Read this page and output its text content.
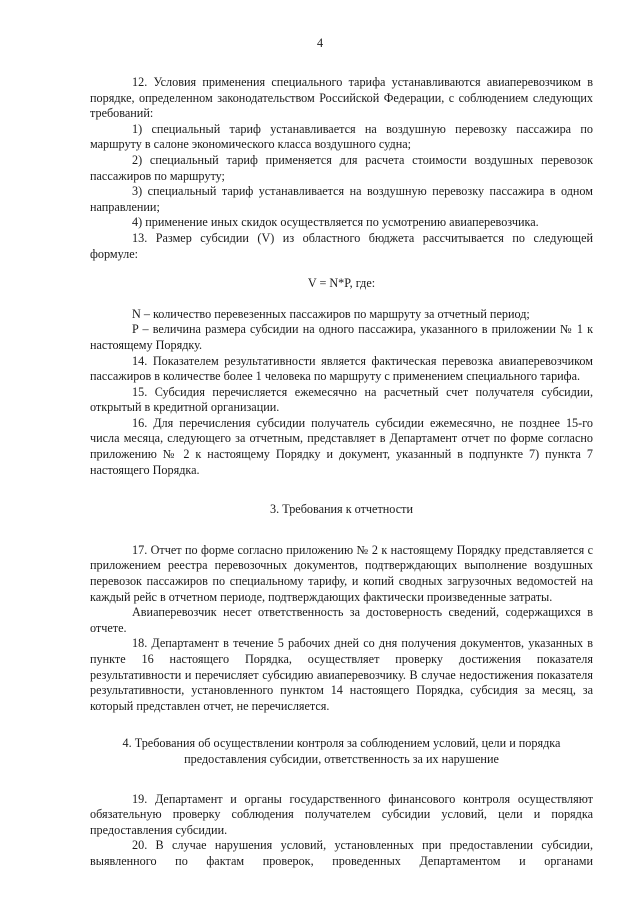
4

12. Условия применения специального тарифа устанавливаются авиаперевозчиком в порядке, определенном законодательством Российской Федерации, с соблюдением следующих требований:

1) специальный тариф устанавливается на воздушную перевозку пассажира по маршруту в салоне экономического класса воздушного судна;

2) специальный тариф применяется для расчета стоимости воздушных перевозок пассажиров по маршруту;

3) специальный тариф устанавливается на воздушную перевозку пассажира в одном направлении;

4) применение иных скидок осуществляется по усмотрению авиаперевозчика.

13. Размер субсидии (V) из областного бюджета рассчитывается по следующей формуле:

V = N*P, где:

N – количество перевезенных пассажиров по маршруту за отчетный период;

P – величина размера субсидии на одного пассажира, указанного в приложении № 1 к настоящему Порядку.

14. Показателем результативности является фактическая перевозка авиаперевозчиком пассажиров в количестве более 1 человека по маршруту с применением специального тарифа.

15. Субсидия перечисляется ежемесячно на расчетный счет получателя субсидии, открытый в кредитной организации.

16. Для перечисления субсидии получатель субсидии ежемесячно, не позднее 15-го числа месяца, следующего за отчетным, представляет в Департамент отчет по форме согласно приложению № 2 к настоящему Порядку и документ, указанный в подпункте 7) пункта 7 настоящего Порядка.

3. Требования к отчетности

17. Отчет по форме согласно приложению № 2 к настоящему Порядку представляется с приложением реестра перевозочных документов, подтверждающих выполнение воздушных перевозок пассажиров по специальному тарифу, и копий сводных загрузочных ведомостей на каждый рейс в отчетном периоде, подтверждающих фактически произведенные затраты.

Авиаперевозчик несет ответственность за достоверность сведений, содержащихся в отчете.

18. Департамент в течение 5 рабочих дней со дня получения документов, указанных в пункте 16 настоящего Порядка, осуществляет проверку достижения показателя результативности и перечисляет субсидию авиаперевозчику. В случае недостижения показателя результативности, установленного пунктом 14 настоящего Порядка, субсидия за месяц, за который представлен отчет, не перечисляется.

4. Требования об осуществлении контроля за соблюдением условий, цели и порядка

предоставления субсидии, ответственность за их нарушение

19. Департамент и органы государственного финансового контроля осуществляют обязательную проверку соблюдения получателем субсидии условий, цели и порядка предоставления субсидии.

20. В случае нарушения условий, установленных при предоставлении субсидии, выявленного по фактам проверок, проведенных Департаментом и органами
